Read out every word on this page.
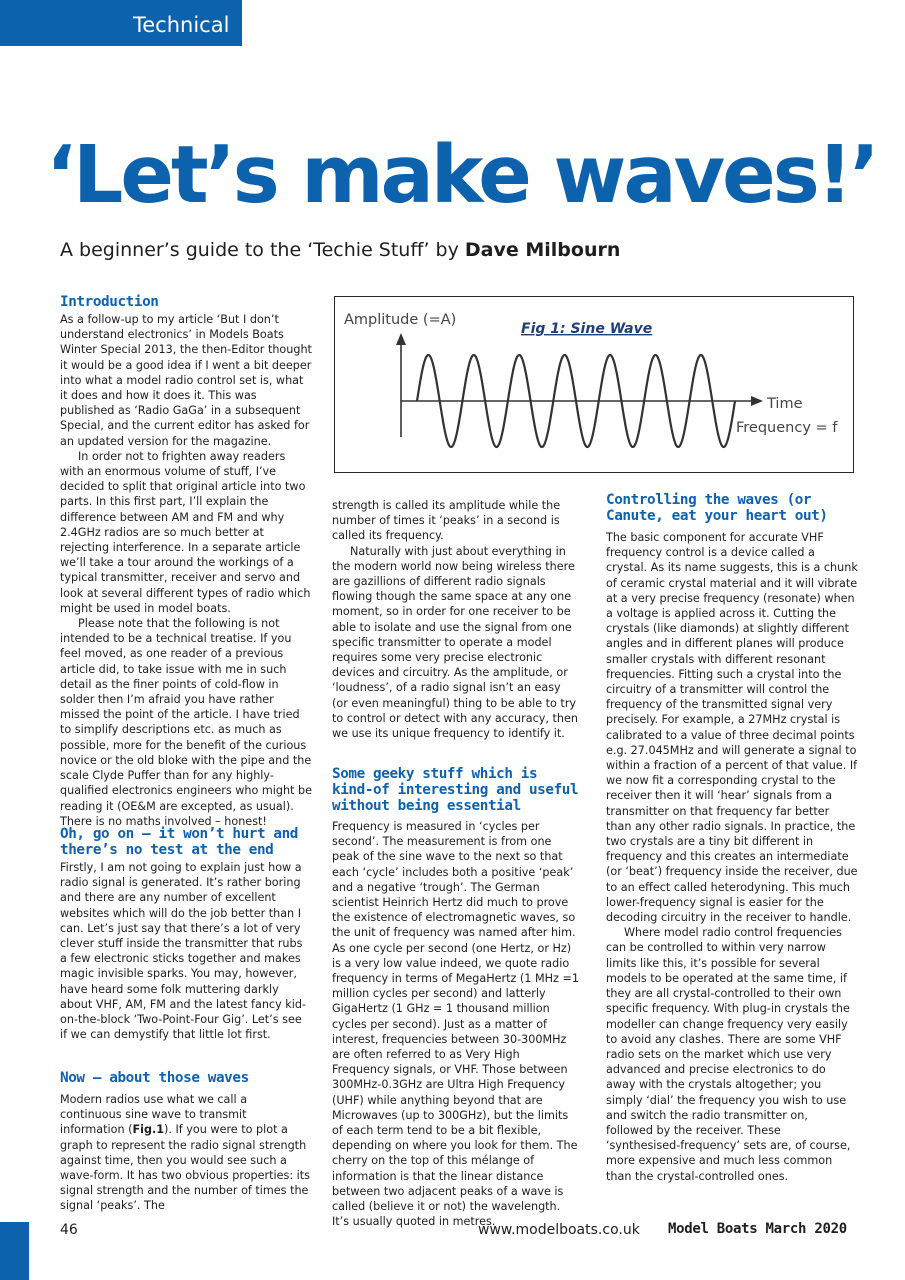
Technical
‘Let’s make waves!’
A beginner’s guide to the ‘Techie Stuff’ by Dave Milbourn
Introduction

As a follow-up to my article ‘But I don’t understand electronics’ in Models Boats Winter Special 2013, the then-Editor thought it would be a good idea if I went a bit deeper into what a model radio control set is, what it does and how it does it. This was published as ‘Radio GaGa’ in a subsequent Special, and the current editor has asked for an updated version for the magazine.

In order not to frighten away readers with an enormous volume of stuff, I’ve decided to split that original article into two parts. In this first part, I’ll explain the difference between AM and FM and why 2.4GHz radios are so much better at rejecting interference. In a separate article we’ll take a tour around the workings of a typical transmitter, receiver and servo and look at several different types of radio which might be used in model boats.

Please note that the following is not intended to be a technical treatise. If you feel moved, as one reader of a previous article did, to take issue with me in such detail as the finer points of cold-flow in solder then I’m afraid you have rather missed the point of the article. I have tried to simplify descriptions etc. as much as possible, more for the benefit of the curious novice or the old bloke with the pipe and the scale Clyde Puffer than for any highly-qualified electronics engineers who might be reading it (OE&M are excepted, as usual). There is no maths involved – honest!

Oh, go on – it won’t hurt and there’s no test at the end

Firstly, I am not going to explain just how a radio signal is generated. It’s rather boring and there are any number of excellent websites which will do the job better than I can. Let’s just say that there’s a lot of very clever stuff inside the transmitter that rubs a few electronic sticks together and makes magic invisible sparks. You may, however, have heard some folk muttering darkly about VHF, AM, FM and the latest fancy kid-on-the-block ‘Two-Point-Four Gig’. Let’s see if we can demystify that little lot first.

Now – about those waves

Modern radios use what we call a continuous sine wave to transmit information (Fig.1). If you were to plot a graph to represent the radio signal strength against time, then you would see such a wave-form. It has two obvious properties: its signal strength and the number of times the signal ‘peaks’. The

Amplitude (=A)
Fig 1: Sine Wave
Time
Frequency = f

strength is called its amplitude while the number of times it ‘peaks’ in a second is called its frequency.

Naturally with just about everything in the modern world now being wireless there are gazillions of different radio signals flowing though the same space at any one moment, so in order for one receiver to be able to isolate and use the signal from one specific transmitter to operate a model requires some very precise electronic devices and circuitry. As the amplitude, or ‘loudness’, of a radio signal isn’t an easy (or even meaningful) thing to be able to try to control or detect with any accuracy, then we use its unique frequency to identify it.

Some geeky stuff which is kind-of interesting and useful without being essential

Frequency is measured in ‘cycles per second’. The measurement is from one peak of the sine wave to the next so that each ‘cycle’ includes both a positive ‘peak’ and a negative ‘trough’. The German scientist Heinrich Hertz did much to prove the existence of electromagnetic waves, so the unit of frequency was named after him. As one cycle per second (one Hertz, or Hz) is a very low value indeed, we quote radio frequency in terms of MegaHertz (1 MHz =1 million cycles per second) and latterly GigaHertz (1 GHz = 1 thousand million cycles per second). Just as a matter of interest, frequencies between 30-300MHz are often referred to as Very High Frequency signals, or VHF. Those between 300MHz-0.3GHz are Ultra High Frequency (UHF) while anything beyond that are Microwaves (up to 300GHz), but the limits of each term tend to be a bit flexible, depending on where you look for them. The cherry on the top of this mélange of information is that the linear distance between two adjacent peaks of a wave is called (believe it or not) the wavelength. It’s usually quoted in metres.

Controlling the waves (or Canute, eat your heart out)

The basic component for accurate VHF frequency control is a device called a crystal. As its name suggests, this is a chunk of ceramic crystal material and it will vibrate at a very precise frequency (resonate) when a voltage is applied across it. Cutting the crystals (like diamonds) at slightly different angles and in different planes will produce smaller crystals with different resonant frequencies. Fitting such a crystal into the circuitry of a transmitter will control the frequency of the transmitted signal very precisely. For example, a 27MHz crystal is calibrated to a value of three decimal points e.g. 27.045MHz and will generate a signal to within a fraction of a percent of that value. If we now fit a corresponding crystal to the receiver then it will ‘hear’ signals from a transmitter on that frequency far better than any other radio signals. In practice, the two crystals are a tiny bit different in frequency and this creates an intermediate (or ‘beat’) frequency inside the receiver, due to an effect called heterodyning. This much lower-frequency signal is easier for the decoding circuitry in the receiver to handle.

Where model radio control frequencies can be controlled to within very narrow limits like this, it’s possible for several models to be operated at the same time, if they are all crystal-controlled to their own specific frequency. With plug-in crystals the modeller can change frequency very easily to avoid any clashes. There are some VHF radio sets on the market which use very advanced and precise electronics to do away with the crystals altogether; you simply ‘dial’ the frequency you wish to use and switch the radio transmitter on, followed by the receiver. These ‘synthesised-frequency’ sets are, of course, more expensive and much less common than the crystal-controlled ones.

46	www.modelboats.co.uk Model Boats March 2020
